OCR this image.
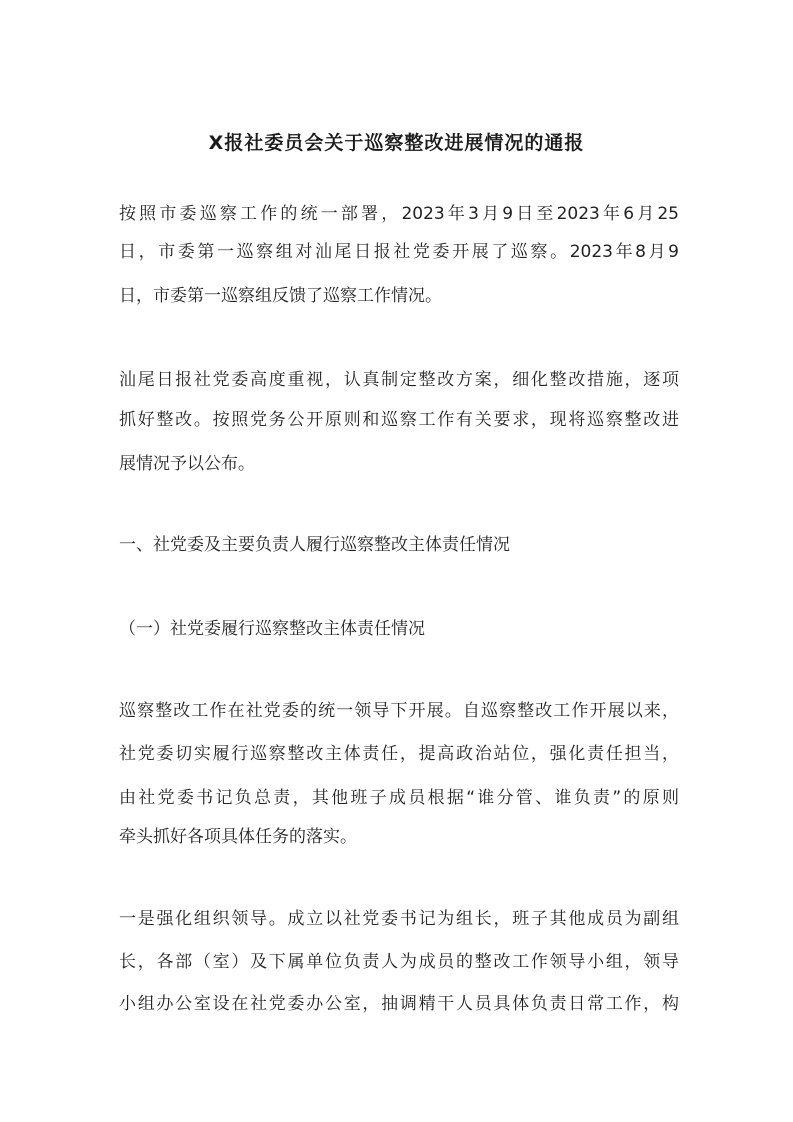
X报社委员会关于巡察整改进展情况的通报
按照市委巡察工作的统一部署，2023年3月9日至2023年6月25
日，市委第一巡察组对汕尾日报社党委开展了巡察。2023年8月9
日，市委第一巡察组反馈了巡察工作情况。
汕尾日报社党委高度重视，认真制定整改方案，细化整改措施，逐项
抓好整改。按照党务公开原则和巡察工作有关要求，现将巡察整改进
展情况予以公布。
一、社党委及主要负责人履行巡察整改主体责任情况
（一）社党委履行巡察整改主体责任情况
巡察整改工作在社党委的统一领导下开展。自巡察整改工作开展以来，
社党委切实履行巡察整改主体责任，提高政治站位，强化责任担当，
由社党委书记负总责，其他班子成员根据“谁分管、谁负责”的原则
牵头抓好各项具体任务的落实。
一是强化组织领导。成立以社党委书记为组长，班子其他成员为副组
长，各部（室）及下属单位负责人为成员的整改工作领导小组，领导
小组办公室设在社党委办公室，抽调精干人员具体负责日常工作，构
